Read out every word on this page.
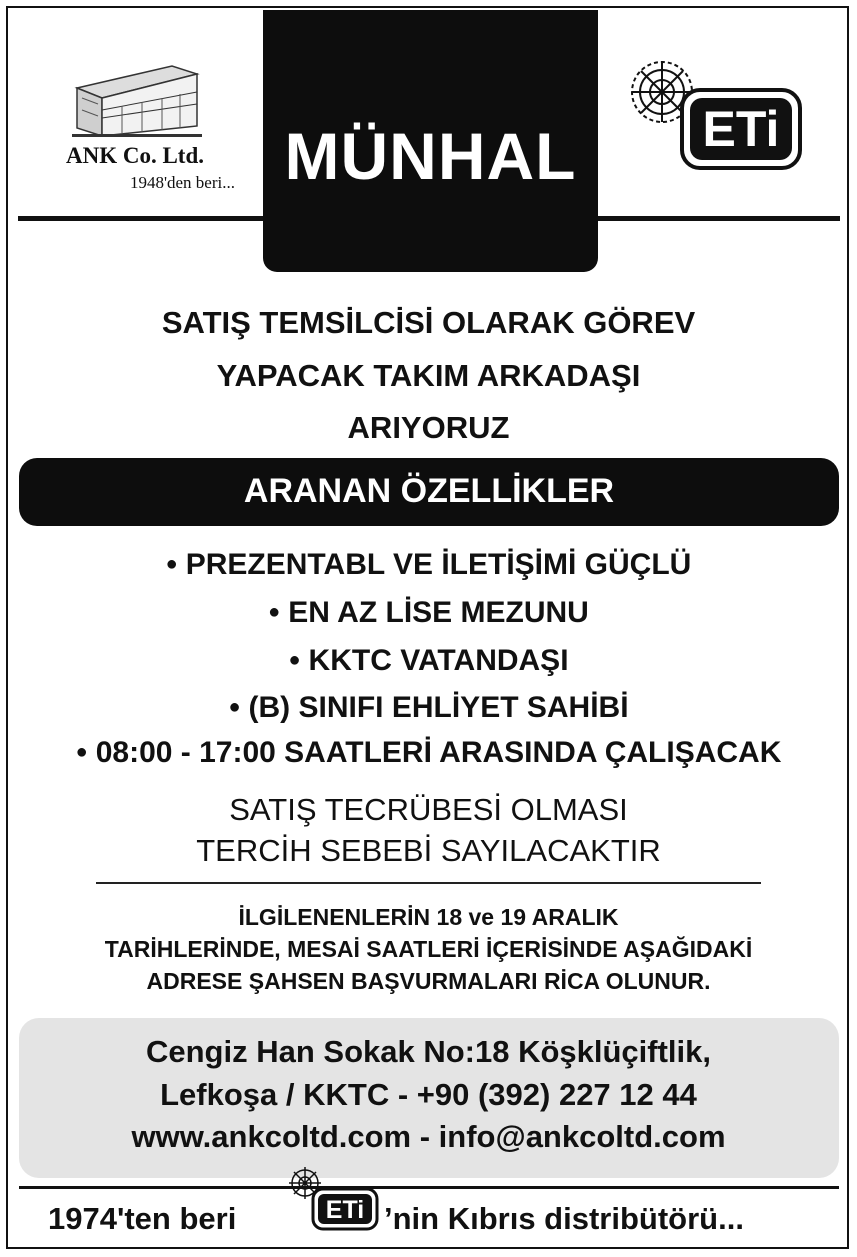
ANK Co. Ltd.
1948'den beri... MÜNHAL	ETi
SATIŞ TEMSİLCİSİ OLARAK GÖREV
YAPACAK TAKIM ARKADAŞI
ARIYORUZ
ARANAN ÖZELLİKLER
● PREZENTABL VE İLETİŞİMİ GÜÇLÜ
● EN AZ LİSE MEZUNU
● KKTC VATANDAŞI
● (B) SINIFI EHLİYET SAHİBİ
● 08:00 - 17:00 SAATLERİ ARASINDA ÇALIŞACAK
SATIŞ TECRÜBESİ OLMASI
TERCİH SEBEBİ SAYILACAKTIR
İLGİLENENLERİN 18 ve 19 ARALIK
TARİHLERİNDE, MESAİ SAATLERİ İÇERİSİNDE AŞAĞIDAKİ
ADRESE ŞAHSEN BAŞVURMALARI RİCA OLUNUR.
Cengiz Han Sokak No:18 Köşklüçiftlik,
Lefkoşa / KKTC - +90 (392) 227 12 44
www.ankcoltd.com - info@ankcoltd.com
1974'ten beri	ETi ’nin Kıbrıs distribütörü...
